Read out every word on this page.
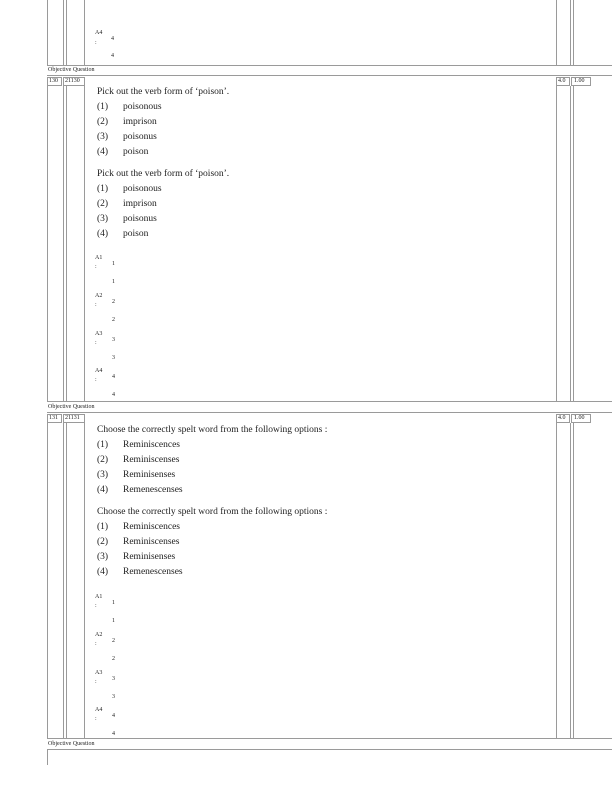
A4
:
4
4
Objective Question
130 21130	4.0 1.00
Pick out the verb form of ‘poison’.
(1) poisonous
(2) imprison
(3) poisonus
(4) poison
Pick out the verb form of ‘poison’.
(1) poisonous
(2) imprison
(3) poisonus
(4) poison
A1
:	1
1
A2
:	2
2
A3
:	3
3
A4
:	4
4
Objective Question
131 21131	4.0 1.00
Choose the correctly spelt word from the following options :
(1) Reminiscences
(2) Reminiscenses
(3) Reminisenses
(4) Remenescenses
Choose the correctly spelt word from the following options :
(1) Reminiscences
(2) Reminiscenses
(3) Reminisenses
(4) Remenescenses
A1
:	1
1
A2
:	2
2
A3
:	3
3
A4
:	4
4
Objective Question
